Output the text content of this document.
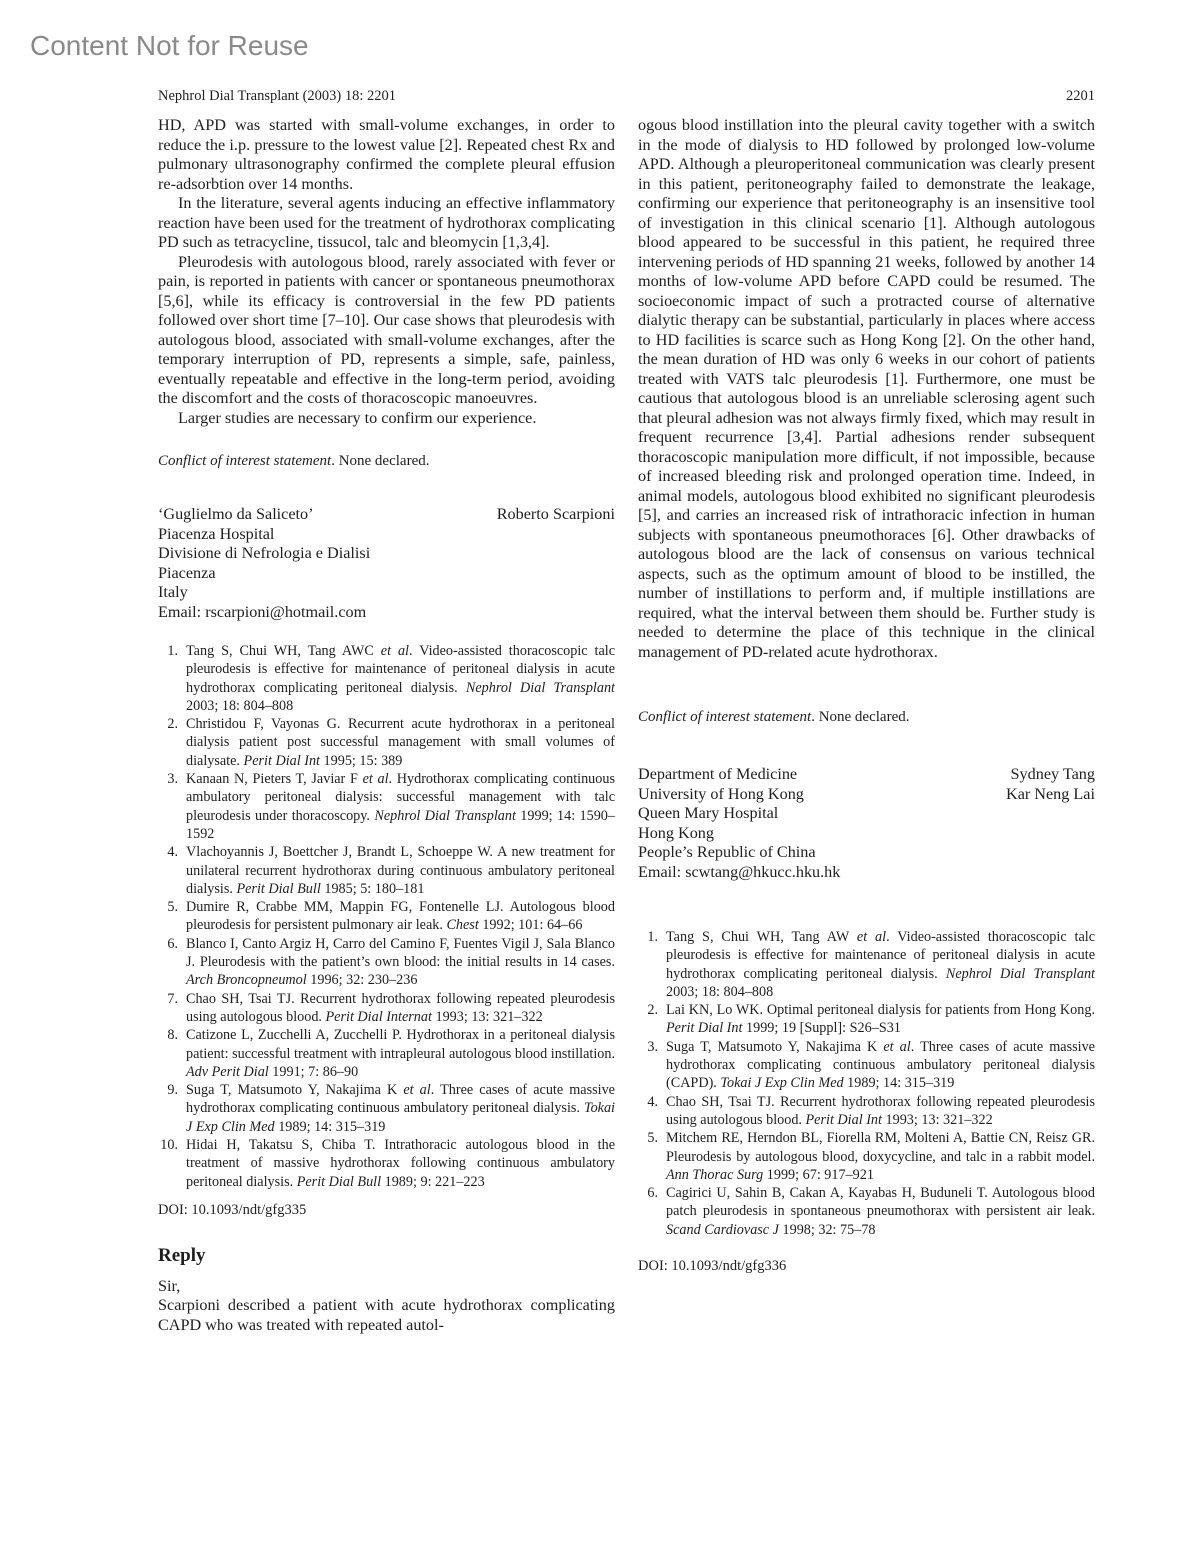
Content Not for Reuse
Nephrol Dial Transplant (2003) 18: 2201	2201

HD, APD was started with small-volume exchanges, in order to reduce the i.p. pressure to the lowest value [2]. Repeated chest Rx and pulmonary ultrasonography confirmed the complete pleural effusion re-adsorbtion over 14 months.

In the literature, several agents inducing an effective inflammatory reaction have been used for the treatment of hydrothorax complicating PD such as tetracycline, tissucol, talc and bleomycin [1,3,4].

Pleurodesis with autologous blood, rarely associated with fever or pain, is reported in patients with cancer or spontaneous pneumothorax [5,6], while its efficacy is controversial in the few PD patients followed over short time [7–10]. Our case shows that pleurodesis with autologous blood, associated with small-volume exchanges, after the temporary interruption of PD, represents a simple, safe, painless, eventually repeatable and effective in the long-term period, avoiding the discomfort and the costs of thoracoscopic manoeuvres.

Larger studies are necessary to confirm our experience.

Conflict of interest statement. None declared.

‘Guglielmo da Saliceto’
Piacenza Hospital
Divisione di Nefrologia e Dialisi
Piacenza
Italy
Email: rscarpioni@hotmail.com
Roberto Scarpioni
1. Tang S, Chui WH, Tang AWC et al. Video-assisted thoracoscopic talc pleurodesis is effective for maintenance of peritoneal dialysis in acute hydrothorax complicating peritoneal dialysis. Nephrol Dial Transplant 2003; 18: 804–808
2. Christidou F, Vayonas G. Recurrent acute hydrothorax in a peritoneal dialysis patient post successful management with small volumes of dialysate. Perit Dial Int 1995; 15: 389
3. Kanaan N, Pieters T, Javiar F et al. Hydrothorax complicating continuous ambulatory peritoneal dialysis: successful management with talc pleurodesis under thoracoscopy. Nephrol Dial Transplant 1999; 14: 1590–1592
4. Vlachoyannis J, Boettcher J, Brandt L, Schoeppe W. A new treatment for unilateral recurrent hydrothorax during continuous ambulatory peritoneal dialysis. Perit Dial Bull 1985; 5: 180–181
5. Dumire R, Crabbe MM, Mappin FG, Fontenelle LJ. Autologous blood pleurodesis for persistent pulmonary air leak. Chest 1992; 101: 64–66
6. Blanco I, Canto Argiz H, Carro del Camino F, Fuentes Vigil J, Sala Blanco J. Pleurodesis with the patient’s own blood: the initial results in 14 cases. Arch Broncopneumol 1996; 32: 230–236
7. Chao SH, Tsai TJ. Recurrent hydrothorax following repeated pleurodesis using autologous blood. Perit Dial Internat 1993; 13: 321–322
8. Catizone L, Zucchelli A, Zucchelli P. Hydrothorax in a peritoneal dialysis patient: successful treatment with intrapleural autologous blood instillation. Adv Perit Dial 1991; 7: 86–90
9. Suga T, Matsumoto Y, Nakajima K et al. Three cases of acute massive hydrothorax complicating continuous ambulatory peritoneal dialysis. Tokai J Exp Clin Med 1989; 14: 315–319
10. Hidai H, Takatsu S, Chiba T. Intrathoracic autologous blood in the treatment of massive hydrothorax following continuous ambulatory peritoneal dialysis. Perit Dial Bull 1989; 9: 221–223
DOI: 10.1093/ndt/gfg335
Reply
Sir,

Scarpioni described a patient with acute hydrothorax complicating CAPD who was treated with repeated autol-

ogous blood instillation into the pleural cavity together with a switch in the mode of dialysis to HD followed by prolonged low-volume APD. Although a pleuroperitoneal communication was clearly present in this patient, peritoneography failed to demonstrate the leakage, confirming our experience that peritoneography is an insensitive tool of investigation in this clinical scenario [1]. Although autologous blood appeared to be successful in this patient, he required three intervening periods of HD spanning 21 weeks, followed by another 14 months of low-volume APD before CAPD could be resumed. The socioeconomic impact of such a protracted course of alternative dialytic therapy can be substantial, particularly in places where access to HD facilities is scarce such as Hong Kong [2]. On the other hand, the mean duration of HD was only 6 weeks in our cohort of patients treated with VATS talc pleurodesis [1]. Furthermore, one must be cautious that autologous blood is an unreliable sclerosing agent such that pleural adhesion was not always firmly fixed, which may result in frequent recurrence [3,4]. Partial adhesions render subsequent thoracoscopic manipulation more difficult, if not impossible, because of increased bleeding risk and prolonged operation time. Indeed, in animal models, autologous blood exhibited no significant pleurodesis [5], and carries an increased risk of intrathoracic infection in human subjects with spontaneous pneumothoraces [6]. Other drawbacks of autologous blood are the lack of consensus on various technical aspects, such as the optimum amount of blood to be instilled, the number of instillations to perform and, if multiple instillations are required, what the interval between them should be. Further study is needed to determine the place of this technique in the clinical management of PD-related acute hydrothorax.

Conflict of interest statement. None declared.

Department of Medicine
University of Hong Kong
Queen Mary Hospital
Hong Kong
People’s Republic of China
Email: scwtang@hkucc.hku.hk
Sydney Tang
Kar Neng Lai
1. Tang S, Chui WH, Tang AW et al. Video-assisted thoracoscopic talc pleurodesis is effective for maintenance of peritoneal dialysis in acute hydrothorax complicating peritoneal dialysis. Nephrol Dial Transplant 2003; 18: 804–808
2. Lai KN, Lo WK. Optimal peritoneal dialysis for patients from Hong Kong. Perit Dial Int 1999; 19 [Suppl]: S26–S31
3. Suga T, Matsumoto Y, Nakajima K et al. Three cases of acute massive hydrothorax complicating continuous ambulatory peritoneal dialysis (CAPD). Tokai J Exp Clin Med 1989; 14: 315–319
4. Chao SH, Tsai TJ. Recurrent hydrothorax following repeated pleurodesis using autologous blood. Perit Dial Int 1993; 13: 321–322
5. Mitchem RE, Herndon BL, Fiorella RM, Molteni A, Battie CN, Reisz GR. Pleurodesis by autologous blood, doxycycline, and talc in a rabbit model. Ann Thorac Surg 1999; 67: 917–921
6. Cagirici U, Sahin B, Cakan A, Kayabas H, Buduneli T. Autologous blood patch pleurodesis in spontaneous pneumothorax with persistent air leak. Scand Cardiovasc J 1998; 32: 75–78
DOI: 10.1093/ndt/gfg336
